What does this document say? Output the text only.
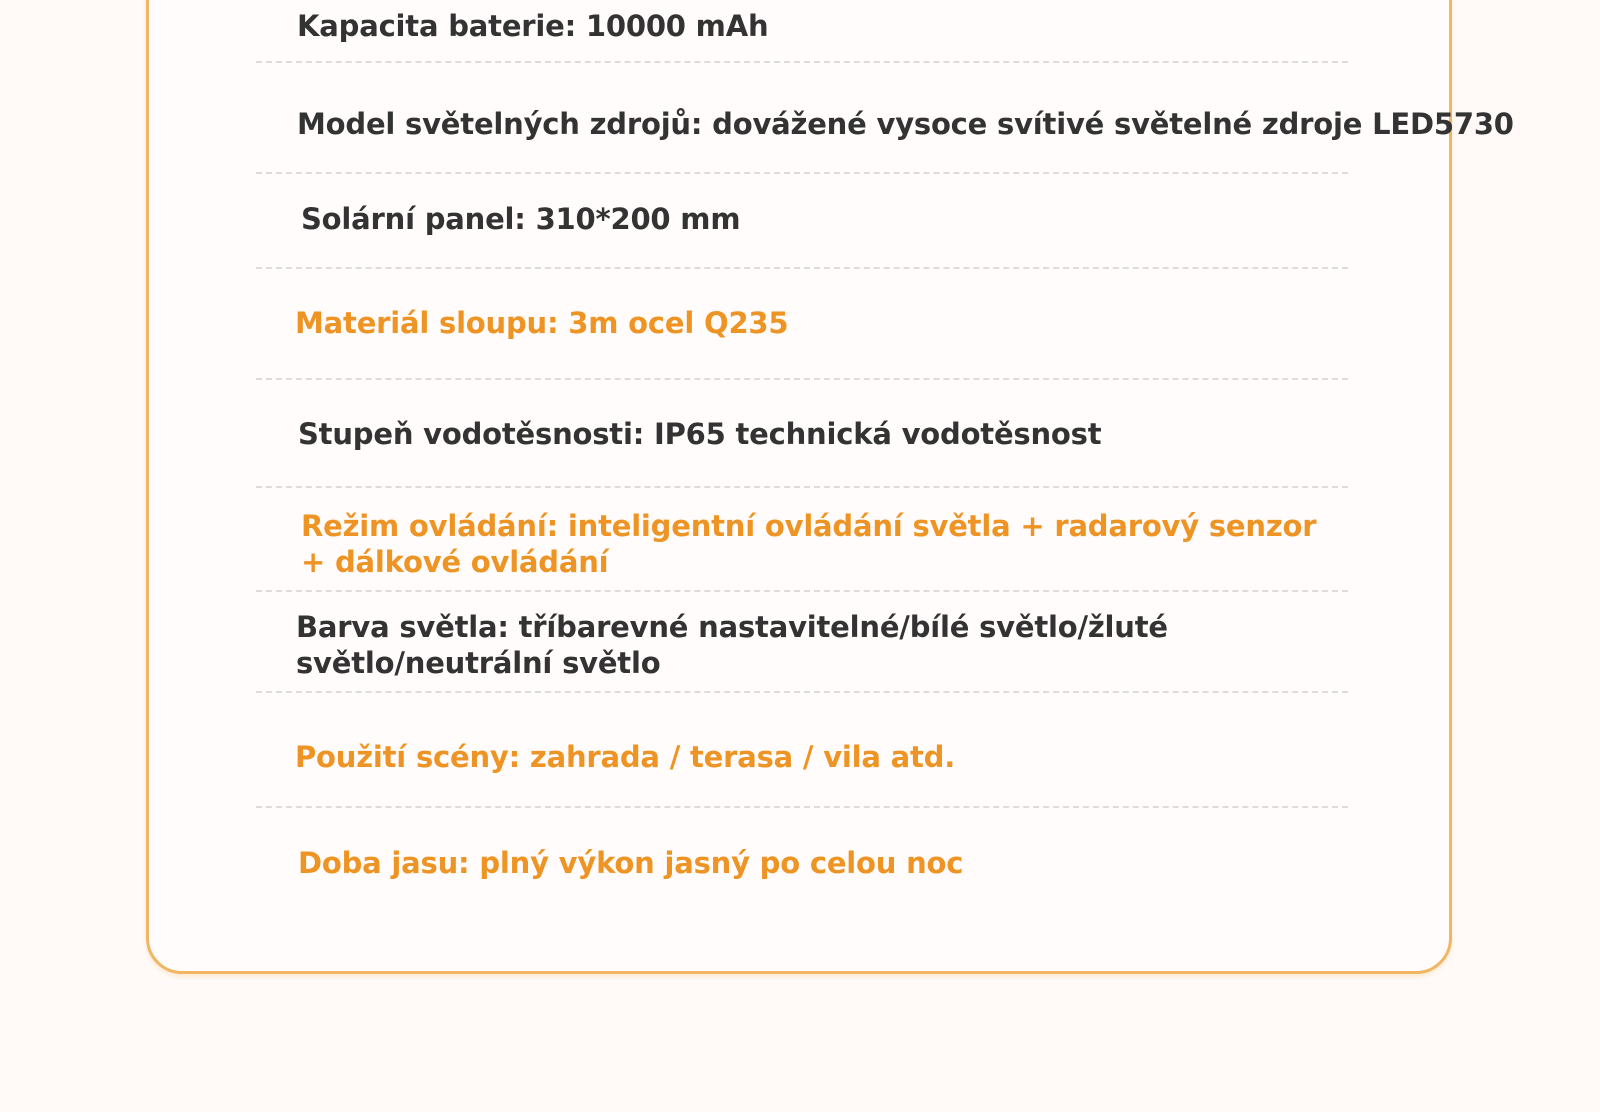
Kapacita baterie: 10000 mAh
Model světelných zdrojů: dovážené vysoce svítivé světelné zdroje LED5730
Solární panel: 310*200 mm
Materiál sloupu: 3m ocel Q235
Stupeň vodotěsnosti: IP65 technická vodotěsnost
Režim ovládání: inteligentní ovládání světla + radarový senzor
+ dálkové ovládání
Barva světla: tříbarevné nastavitelné/bílé světlo/žluté
světlo/neutrální světlo
Použití scény: zahrada / terasa / vila atd.
Doba jasu: plný výkon jasný po celou noc
